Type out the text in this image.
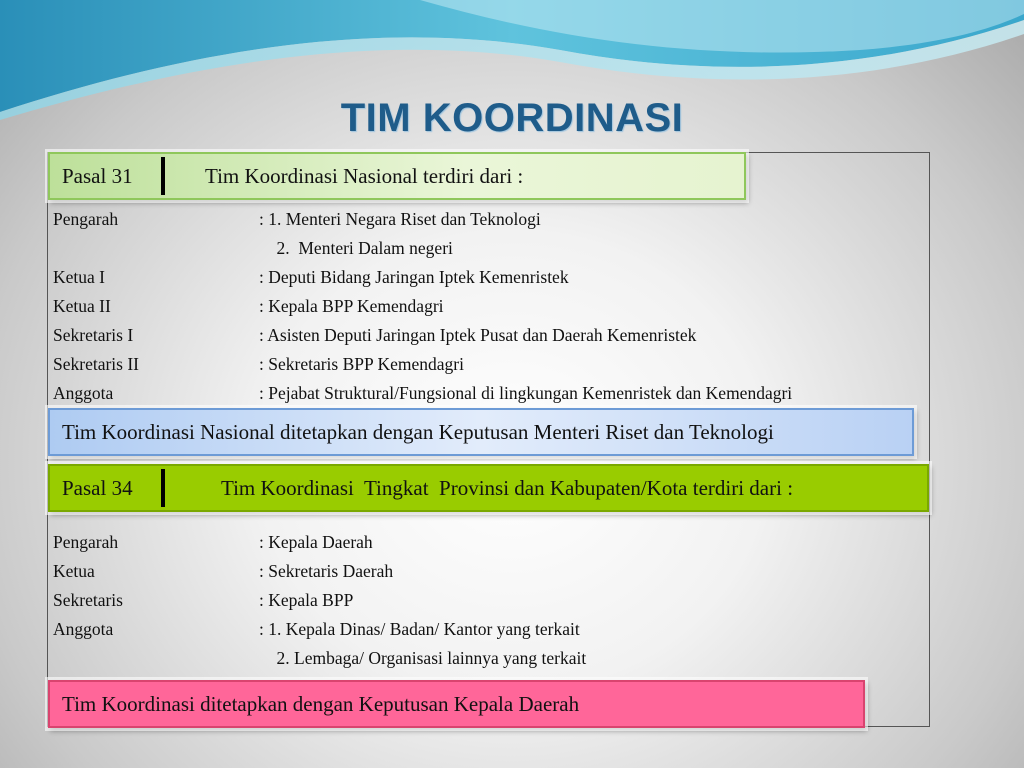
TIM KOORDINASI
Pasal 31	Tim Koordinasi Nasional terdiri dari :
Pengarah	: 1. Menteri Negara Riset dan Teknologi
2.  Menteri Dalam negeri
Ketua I	: Deputi Bidang Jaringan Iptek Kemenristek
Ketua II	: Kepala BPP Kemendagri
Sekretaris I	: Asisten Deputi Jaringan Iptek Pusat dan Daerah Kemenristek
Sekretaris II	: Sekretaris BPP Kemendagri
Anggota	: Pejabat Struktural/Fungsional di lingkungan Kemenristek dan Kemendagri
Tim Koordinasi Nasional ditetapkan dengan Keputusan Menteri Riset dan Teknologi
Pasal 34	Tim Koordinasi  Tingkat  Provinsi dan Kabupaten/Kota terdiri dari :
Pengarah	: Kepala Daerah
Ketua	: Sekretaris Daerah
Sekretaris	: Kepala BPP
Anggota	: 1. Kepala Dinas/ Badan/ Kantor yang terkait
2. Lembaga/ Organisasi lainnya yang terkait
Tim Koordinasi ditetapkan dengan Keputusan Kepala Daerah
